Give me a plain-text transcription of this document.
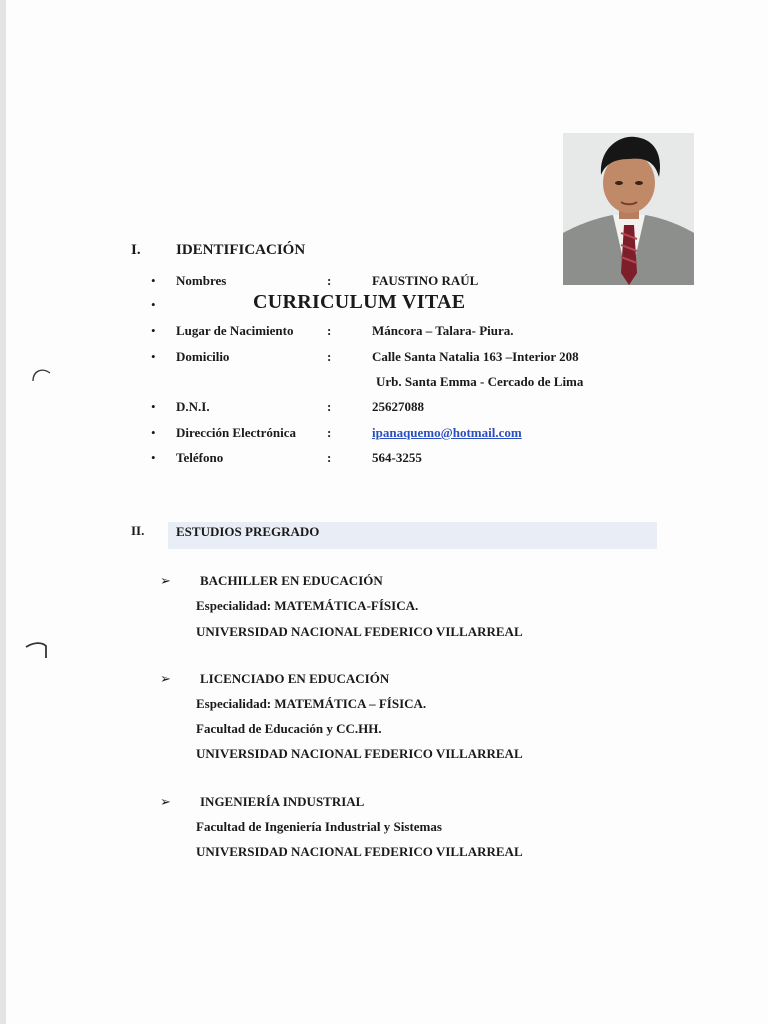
I. IDENTIFICACIÓN
• Nombres	:	FAUSTINO RAÚL
•	CURRICULUM VITAE
• Lugar de Nacimiento	:	Máncora – Talara- Piura.
• Domicilio	:	Calle Santa Natalia 163 –Interior 208
Urb. Santa Emma - Cercado de Lima
• D.N.I.	:	25627088
• Dirección Electrónica :	ipanaquemo@hotmail.com
• Teléfono	:	564-3255
II. ESTUDIOS PREGRADO
➢ BACHILLER EN EDUCACIÓN
Especialidad: MATEMÁTICA-FÍSICA.
UNIVERSIDAD NACIONAL FEDERICO VILLARREAL
➢ LICENCIADO EN EDUCACIÓN
Especialidad: MATEMÁTICA – FÍSICA.
Facultad de Educación y CC.HH.
UNIVERSIDAD NACIONAL FEDERICO VILLARREAL
➢ INGENIERÍA INDUSTRIAL
Facultad de Ingeniería Industrial y Sistemas
UNIVERSIDAD NACIONAL FEDERICO VILLARREAL
